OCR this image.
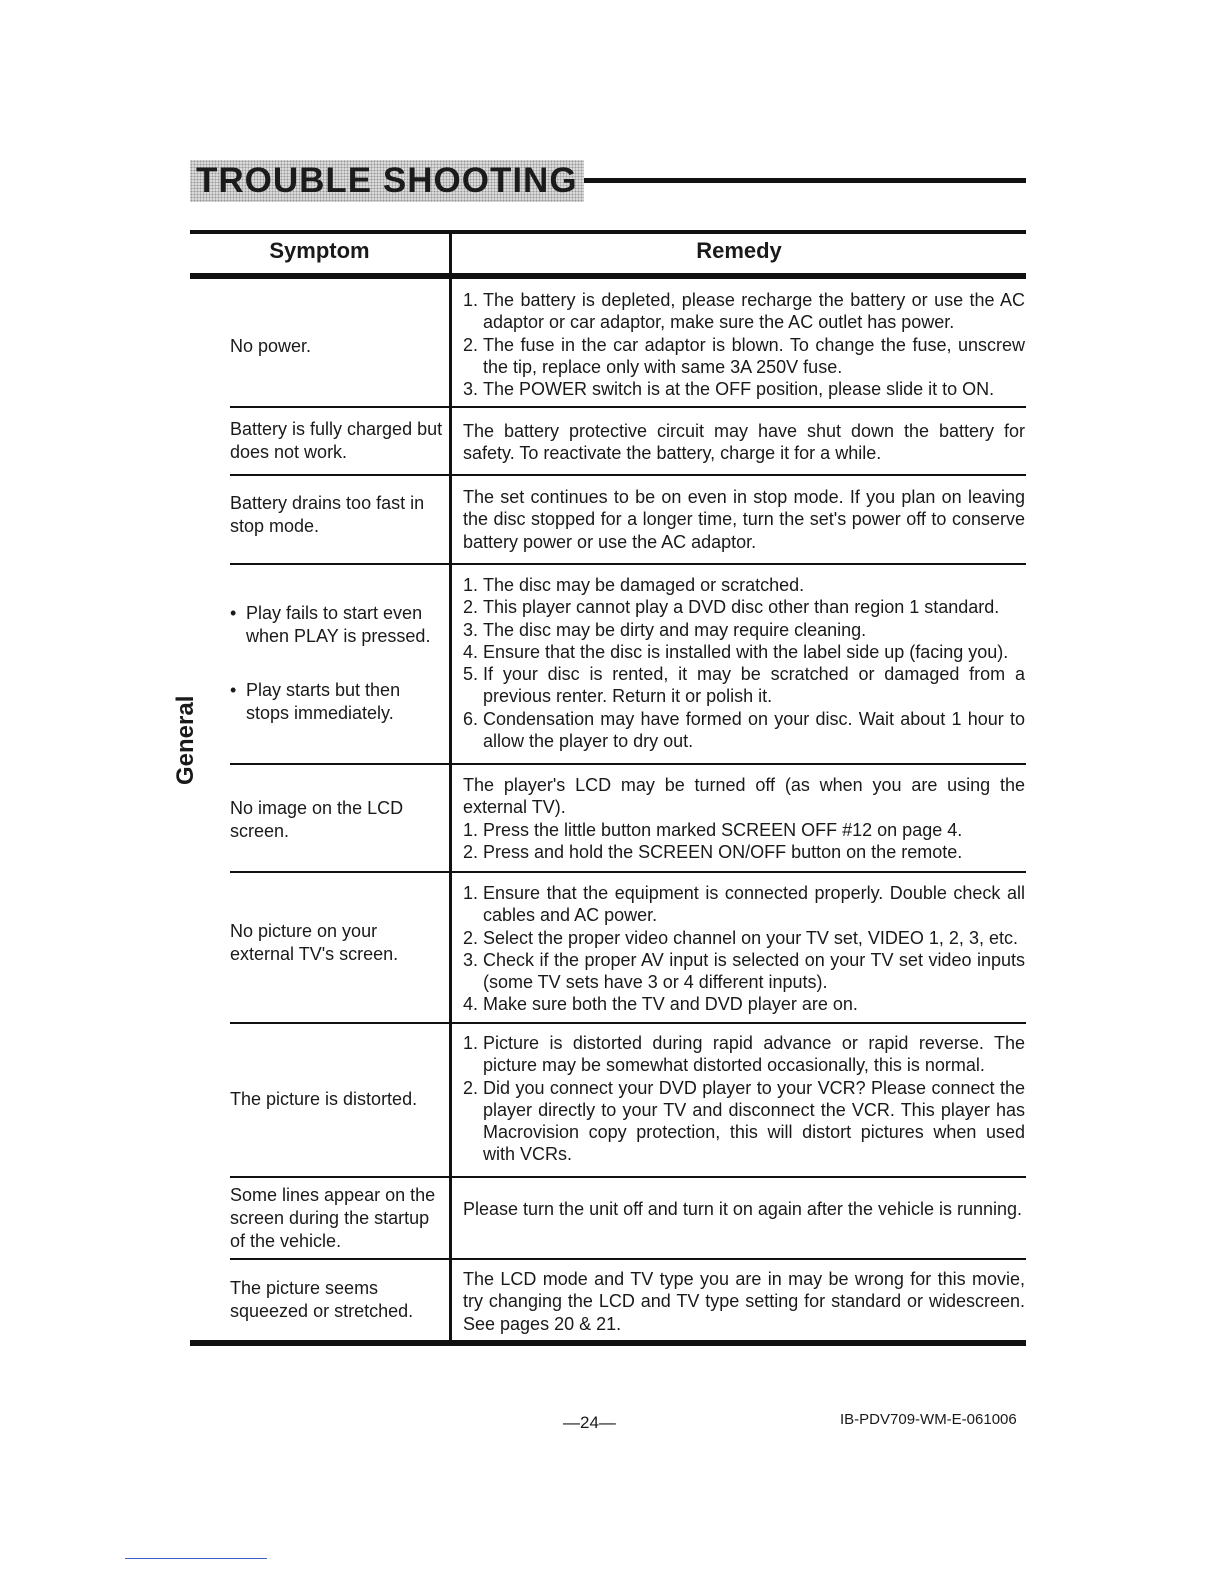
TROUBLE SHOOTING
Symptom	Remedy
General
No power.
1. The battery is depleted, please recharge the battery or use the AC adaptor or car adaptor, make sure the AC outlet has power.
2. The fuse in the car adaptor is blown. To change the fuse, unscrew the tip, replace only with same 3A 250V fuse.
3. The POWER switch is at the OFF position, please slide it to ON.
Battery is fully charged but does not work.

The battery protective circuit may have shut down the battery for safety. To reactivate the battery, charge it for a while.

Battery drains too fast in stop mode.

The set continues to be on even in stop mode. If you plan on leaving the disc stopped for a longer time, turn the set's power off to conserve battery power or use the AC adaptor.

• Play fails to start even when PLAY is pressed.
• Play starts but then stops immediately.
1. The disc may be damaged or scratched.
2. This player cannot play a DVD disc other than region 1 standard.
3. The disc may be dirty and may require cleaning.
4. Ensure that the disc is installed with the label side up (facing you).
5. If your disc is rented, it may be scratched or damaged from a previous renter. Return it or polish it.
6. Condensation may have formed on your disc. Wait about 1 hour to allow the player to dry out.
No image on the LCD screen.

The player's LCD may be turned off (as when you are using the external TV).

1. Press the little button marked SCREEN OFF #12 on page 4.
2. Press and hold the SCREEN ON/OFF button on the remote.
No picture on your external TV's screen.
1. Ensure that the equipment is connected properly. Double check all cables and AC power.
2. Select the proper video channel on your TV set, VIDEO 1, 2, 3, etc.
3. Check if the proper AV input is selected on your TV set video inputs (some TV sets have 3 or 4 different inputs).
4. Make sure both the TV and DVD player are on.
The picture is distorted.
1. Picture is distorted during rapid advance or rapid reverse. The picture may be somewhat distorted occasionally, this is normal.
2. Did you connect your DVD player to your VCR? Please connect the player directly to your TV and disconnect the VCR. This player has Macrovision copy protection, this will distort pictures when used with VCRs.
Some lines appear on the screen during the startup of the vehicle.

Please turn the unit off and turn it on again after the vehicle is running.

The picture seems squeezed or stretched.

The LCD mode and TV type you are in may be wrong for this movie, try changing the LCD and TV type setting for standard or widescreen. See pages 20 & 21.

—24—	IB-PDV709-WM-E-061006
